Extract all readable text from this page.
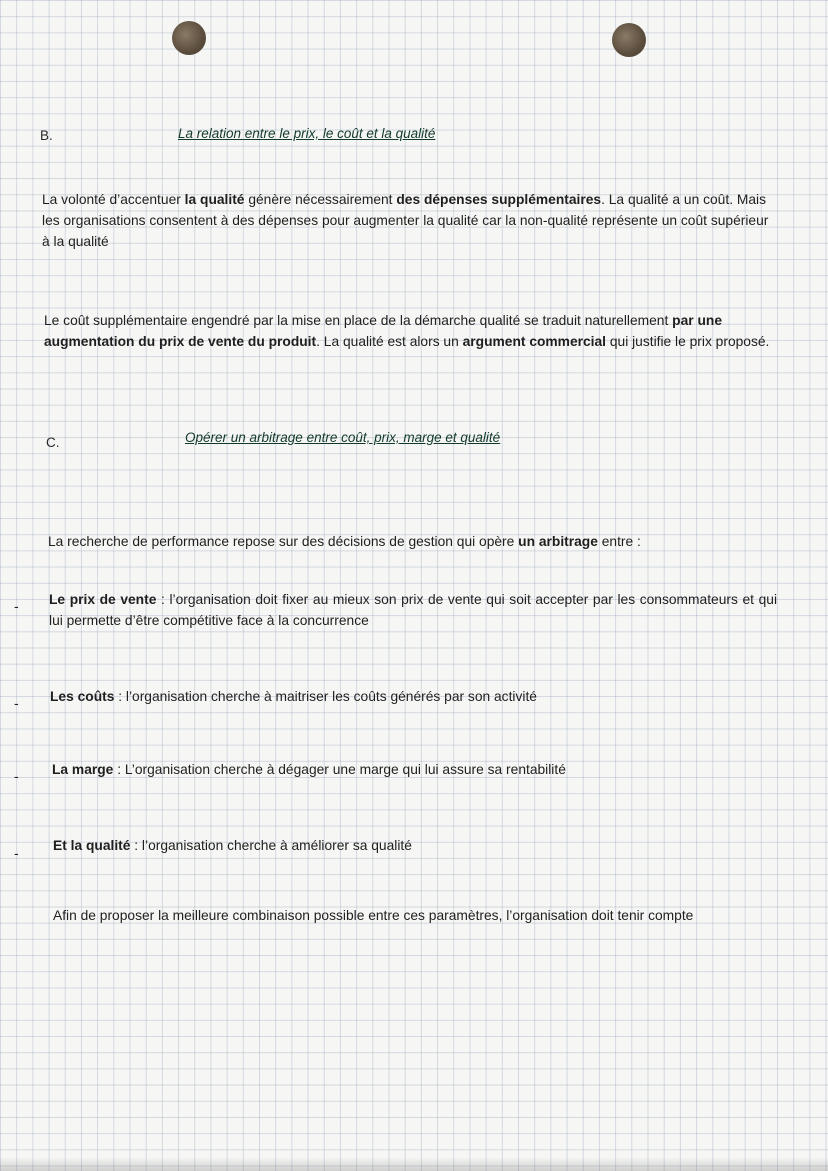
B.	La relation entre le prix, le coût et la qualité
La volonté d’accentuer la qualité génère nécessairement des dépenses supplémentaires. La qualité a un coût. Mais les organisations consentent à des dépenses pour augmenter la qualité car la non-qualité représente un coût supérieur à la qualité
Le coût supplémentaire engendré par la mise en place de la démarche qualité se traduit naturellement par une augmentation du prix de vente du produit. La qualité est alors un argument commercial qui justifie le prix proposé.
C.	Opérer un arbitrage entre coût, prix, marge et qualité
La recherche de performance repose sur des décisions de gestion qui opère un arbitrage entre :
- Le prix de vente : l’organisation doit fixer au mieux son prix de vente qui soit accepter par les consommateurs et qui lui permette d’être compétitive face à la concurrence
- Les coûts : l’organisation cherche à maitriser les coûts générés par son activité
- La marge : L’organisation cherche à dégager une marge qui lui assure sa rentabilité
- Et la qualité : l’organisation cherche à améliorer sa qualité
Afin de proposer la meilleure combinaison possible entre ces paramètres, l’organisation doit tenir compte
